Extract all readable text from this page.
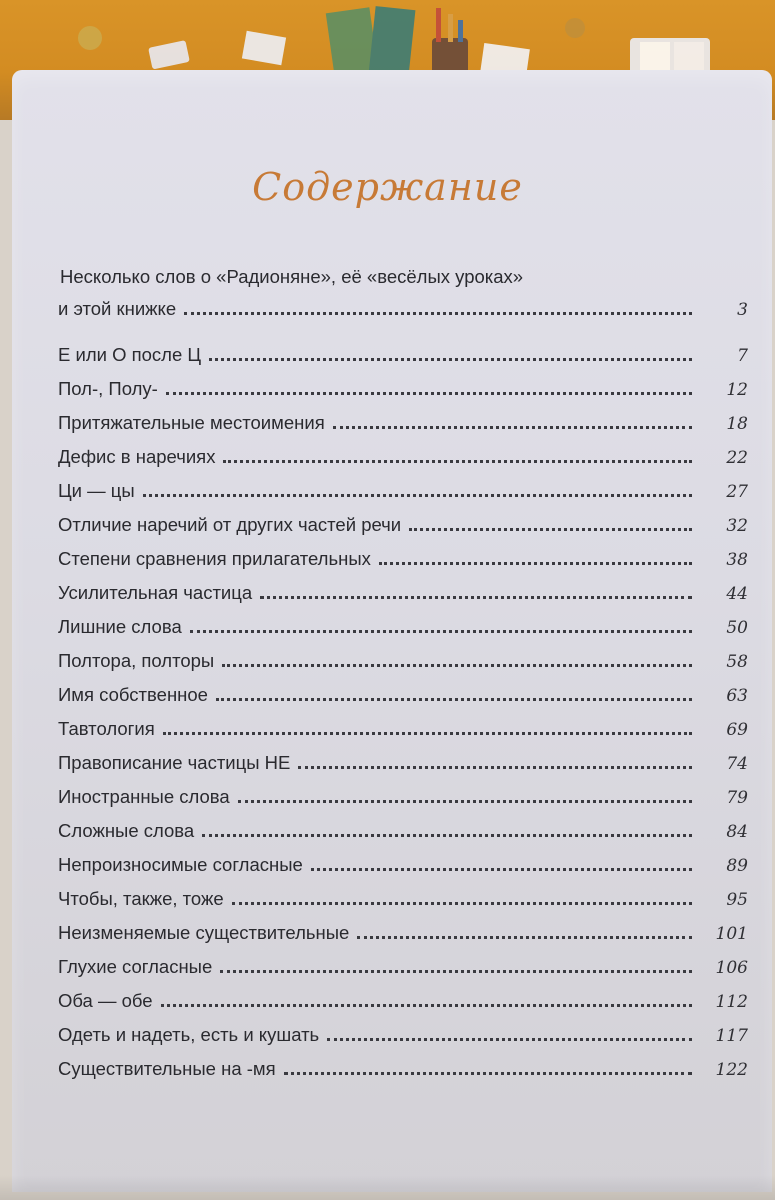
Содержание
Несколько слов о «Радионяне», её «весёлых уроках»
и этой книжке	3
Е или О после Ц	7
Пол-, Полу-	12
Притяжательные местоимения	18
Дефис в наречиях	22
Ци — цы	27
Отличие наречий от других частей речи	32
Степени сравнения прилагательных	38
Усилительная частица	44
Лишние слова	50
Полтора, полторы	58
Имя собственное	63
Тавтология	69
Правописание частицы НЕ	74
Иностранные слова	79
Сложные слова	84
Непроизносимые согласные	89
Чтобы, также, тоже	95
Неизменяемые существительные	101
Глухие согласные	106
Оба — обе	112
Одеть и надеть, есть и кушать	117
Существительные на -мя	122
